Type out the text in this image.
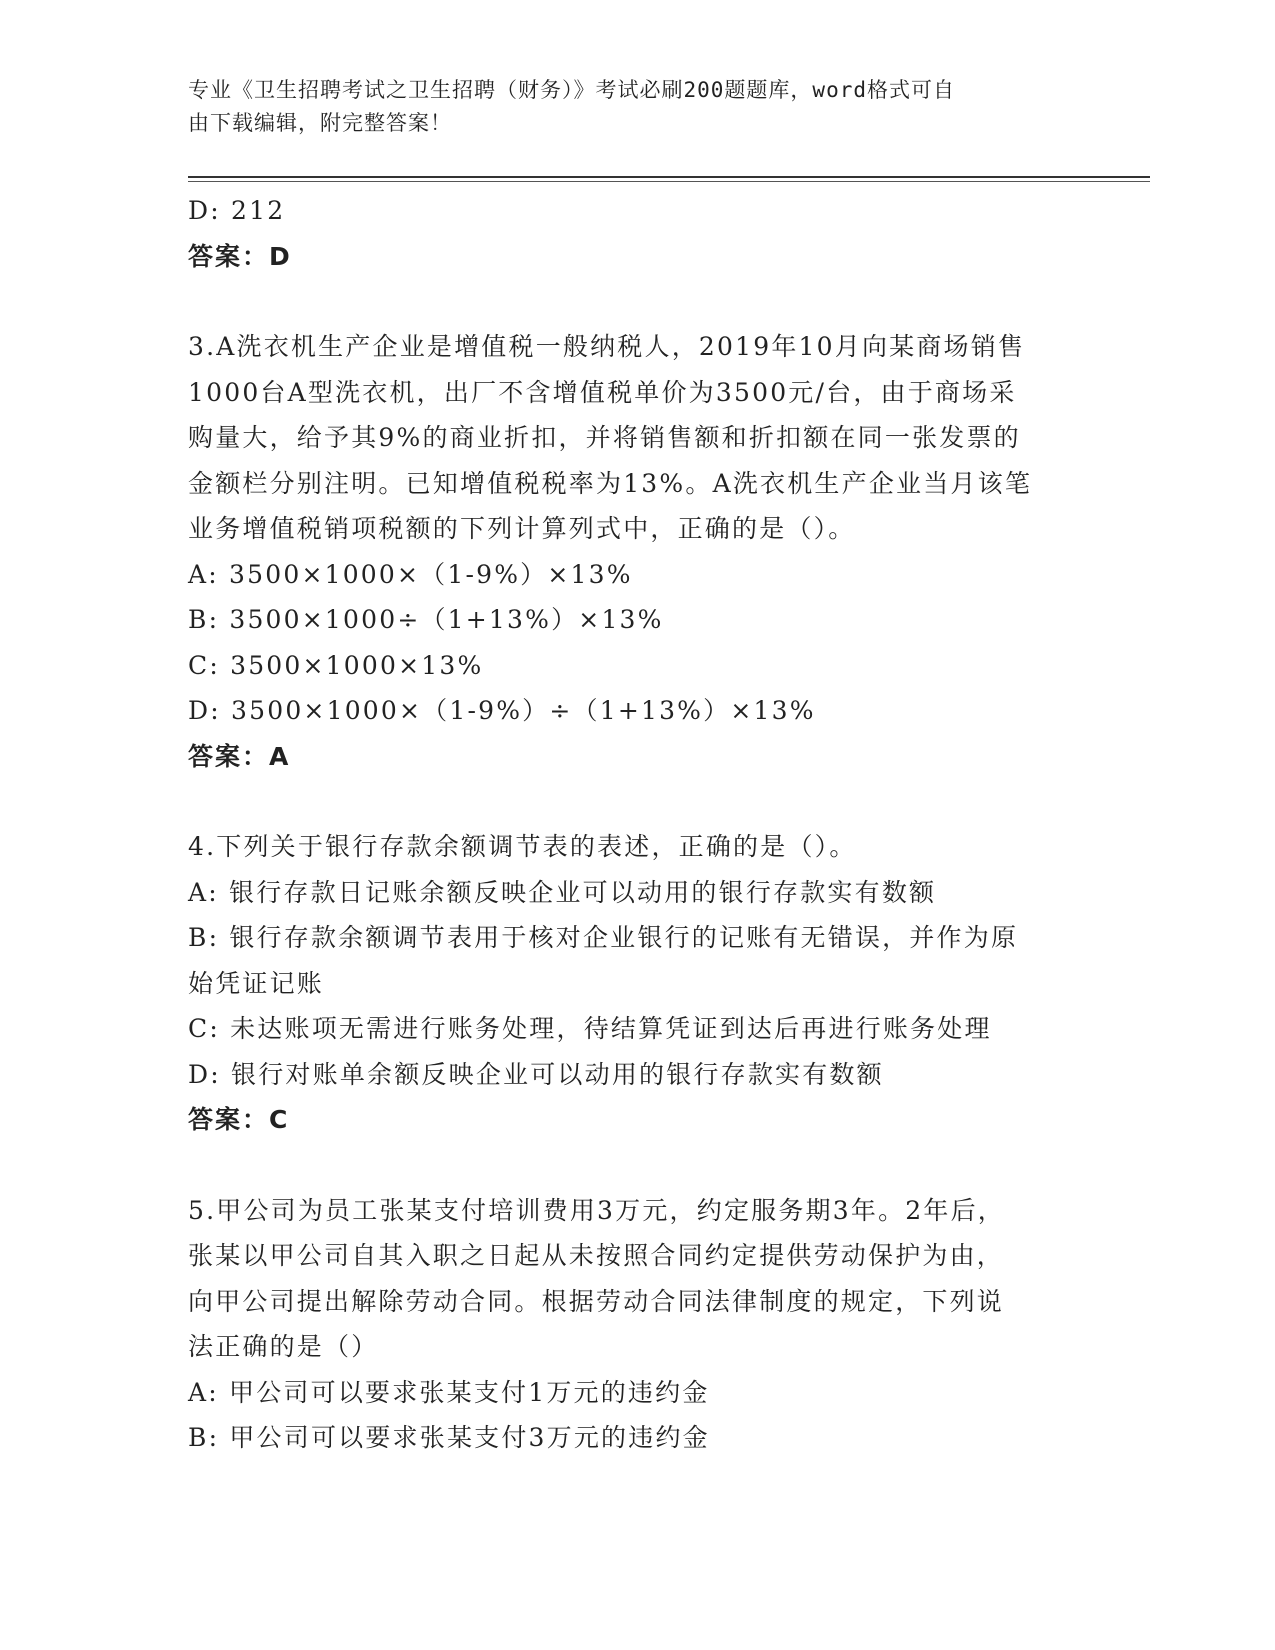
专业《卫生招聘考试之卫生招聘（财务）》考试必刷200题题库，word格式可自
由下载编辑，附完整答案！
D: 212
答案：D
3.A洗衣机生产企业是增值税一般纳税人，2019年10月向某商场销售
1000台A型洗衣机，出厂不含增值税单价为3500元/台，由于商场采
购量大，给予其9%的商业折扣，并将销售额和折扣额在同一张发票的
金额栏分别注明。已知增值税税率为13%。A洗衣机生产企业当月该笔
业务增值税销项税额的下列计算列式中，正确的是（）。
A: 3500×1000×（1-9%）×13%
B: 3500×1000÷（1+13%）×13%
C: 3500×1000×13%
D: 3500×1000×（1-9%）÷（1+13%）×13%
答案：A
4.下列关于银行存款余额调节表的表述，正确的是（）。
A: 银行存款日记账余额反映企业可以动用的银行存款实有数额
B: 银行存款余额调节表用于核对企业银行的记账有无错误，并作为原
始凭证记账
C: 未达账项无需进行账务处理，待结算凭证到达后再进行账务处理
D: 银行对账单余额反映企业可以动用的银行存款实有数额
答案：C
5.甲公司为员工张某支付培训费用3万元，约定服务期3年。2年后，
张某以甲公司自其入职之日起从未按照合同约定提供劳动保护为由，
向甲公司提出解除劳动合同。根据劳动合同法律制度的规定，下列说
法正确的是（）
A: 甲公司可以要求张某支付1万元的违约金
B: 甲公司可以要求张某支付3万元的违约金
